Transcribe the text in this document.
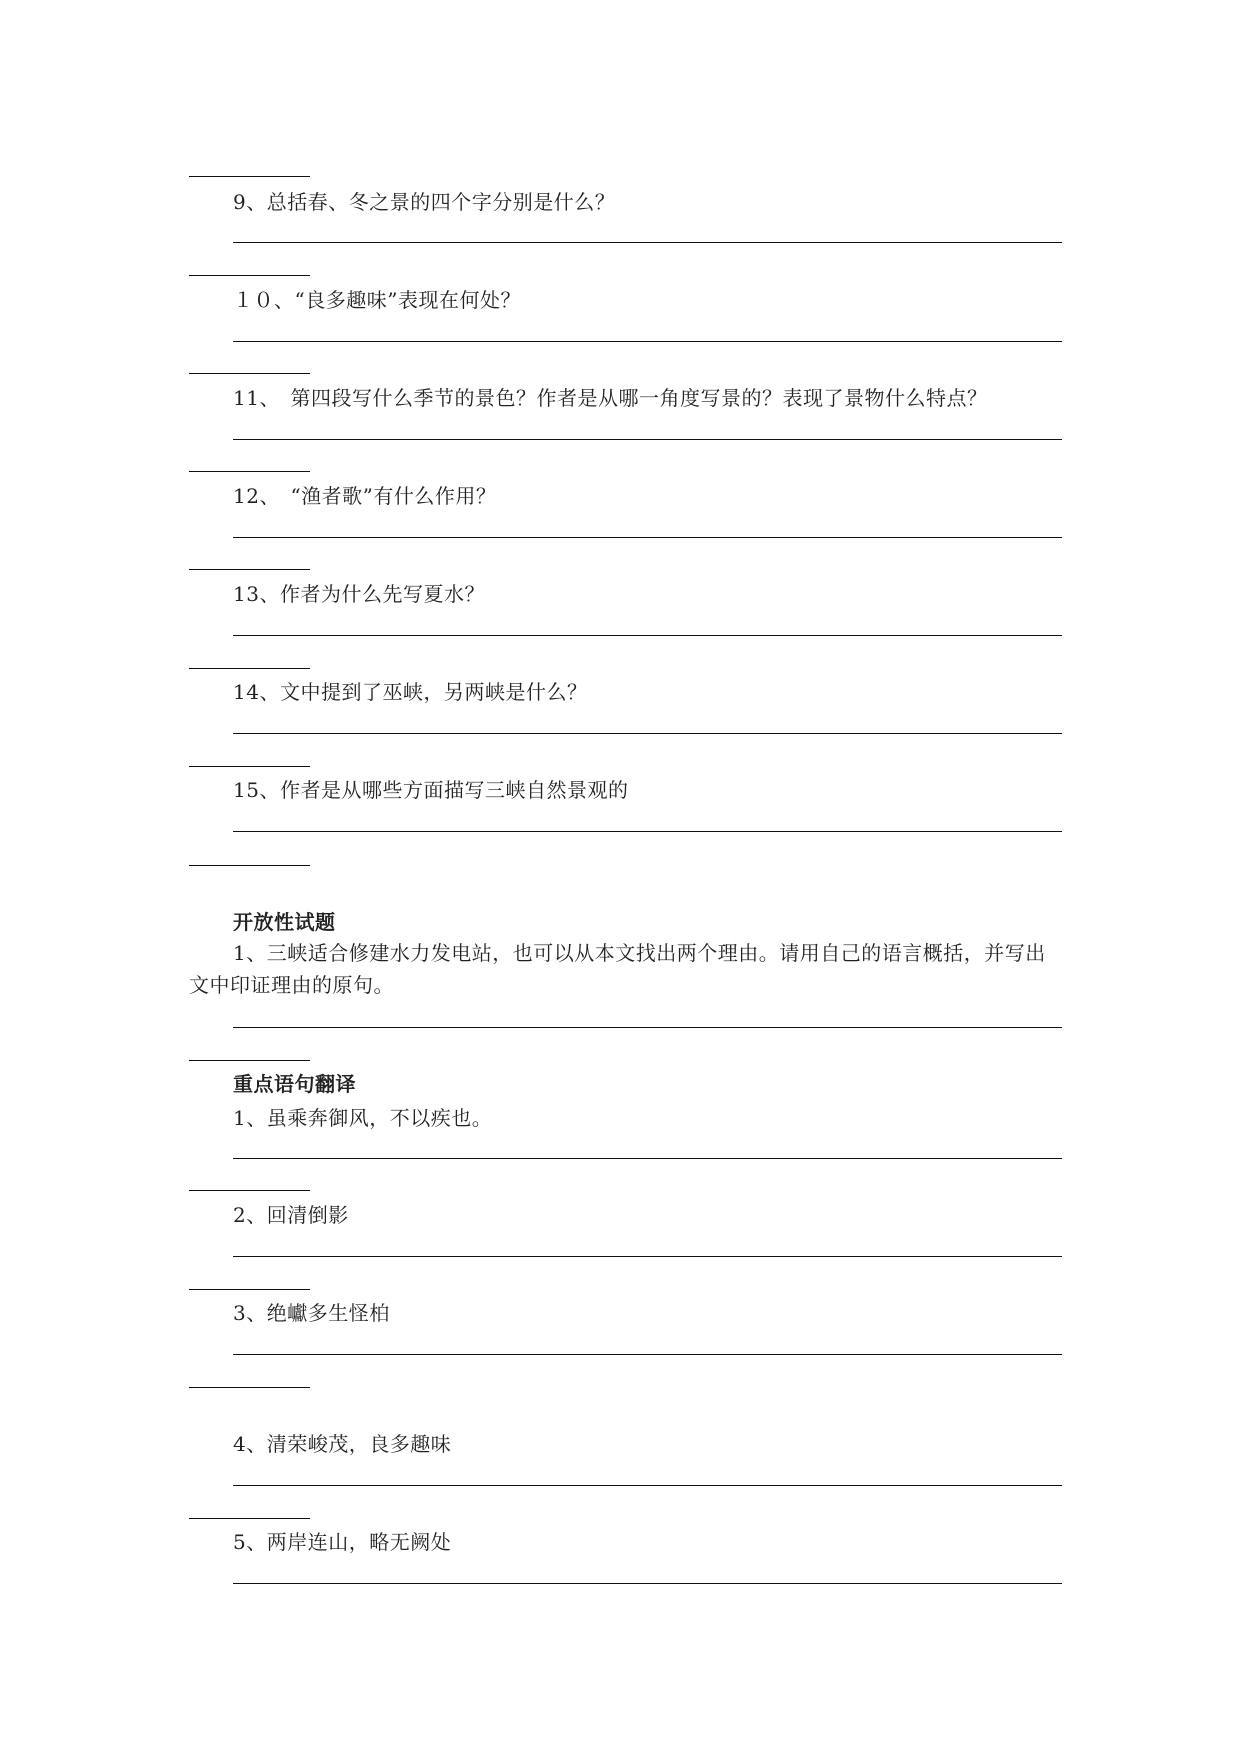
9、总括春、冬之景的四个字分别是什么？
１０、“良多趣味”表现在何处？
11、　第四段写什么季节的景色？作者是从哪一角度写景的？表现了景物什么特点？
12、　“渔者歌”有什么作用？
13、作者为什么先写夏水？
14、文中提到了巫峡，另两峡是什么？
15、作者是从哪些方面描写三峡自然景观的
开放性试题
1、三峡适合修建水力发电站，也可以从本文找出两个理由。请用自己的语言概括，并写出文中印证理由的原句。
重点语句翻译
1、虽乘奔御风，不以疾也。
2、回清倒影
3、绝巘多生怪柏
4、清荣峻茂，良多趣味
5、两岸连山，略无阙处
